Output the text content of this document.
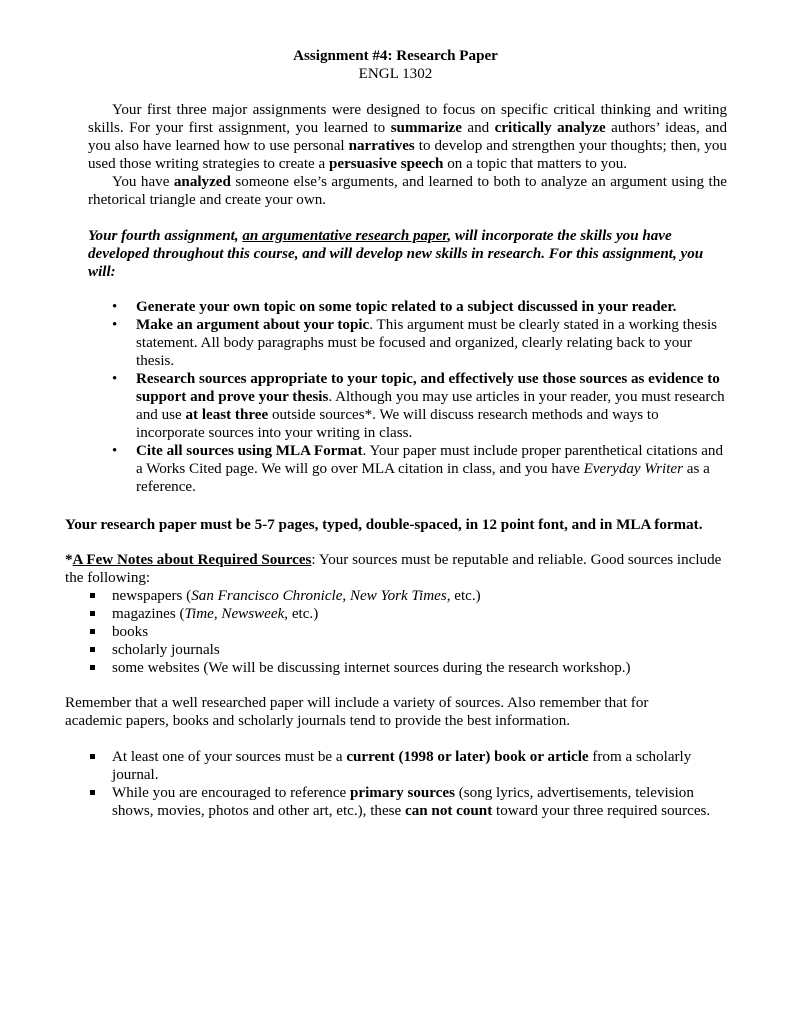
Assignment #4: Research Paper
ENGL 1302
Your first three major assignments were designed to focus on specific critical thinking and writing skills. For your first assignment, you learned to summarize and critically analyze authors’ ideas, and you also have learned how to use personal narratives to develop and strengthen your thoughts; then, you used those writing strategies to create a persuasive speech on a topic that matters to you.
You have analyzed someone else’s arguments, and learned to both to analyze an argument using the rhetorical triangle and create your own.
Your fourth assignment, an argumentative research paper, will incorporate the skills you have developed throughout this course, and will develop new skills in research. For this assignment, you will:
• Generate your own topic on some topic related to a subject discussed in your reader.
• Make an argument about your topic. This argument must be clearly stated in a working thesis statement. All body paragraphs must be focused and organized, clearly relating back to your thesis.
• Research sources appropriate to your topic, and effectively use those sources as evidence to support and prove your thesis. Although you may use articles in your reader, you must research and use at least three outside sources*. We will discuss research methods and ways to incorporate sources into your writing in class.
• Cite all sources using MLA Format. Your paper must include proper parenthetical citations and a Works Cited page. We will go over MLA citation in class, and you have Everyday Writer as a reference.
Your research paper must be 5-7 pages, typed, double-spaced, in 12 point font, and in MLA format.
*A Few Notes about Required Sources: Your sources must be reputable and reliable. Good sources include the following:
newspapers (San Francisco Chronicle, New York Times, etc.)
magazines (Time, Newsweek, etc.)
books
scholarly journals
some websites (We will be discussing internet sources during the research workshop.)
Remember that a well researched paper will include a variety of sources. Also remember that for academic papers, books and scholarly journals tend to provide the best information.
At least one of your sources must be a current (1998 or later) book or article from a scholarly journal.
While you are encouraged to reference primary sources (song lyrics, advertisements, television shows, movies, photos and other art, etc.), these can not count toward your three required sources.
